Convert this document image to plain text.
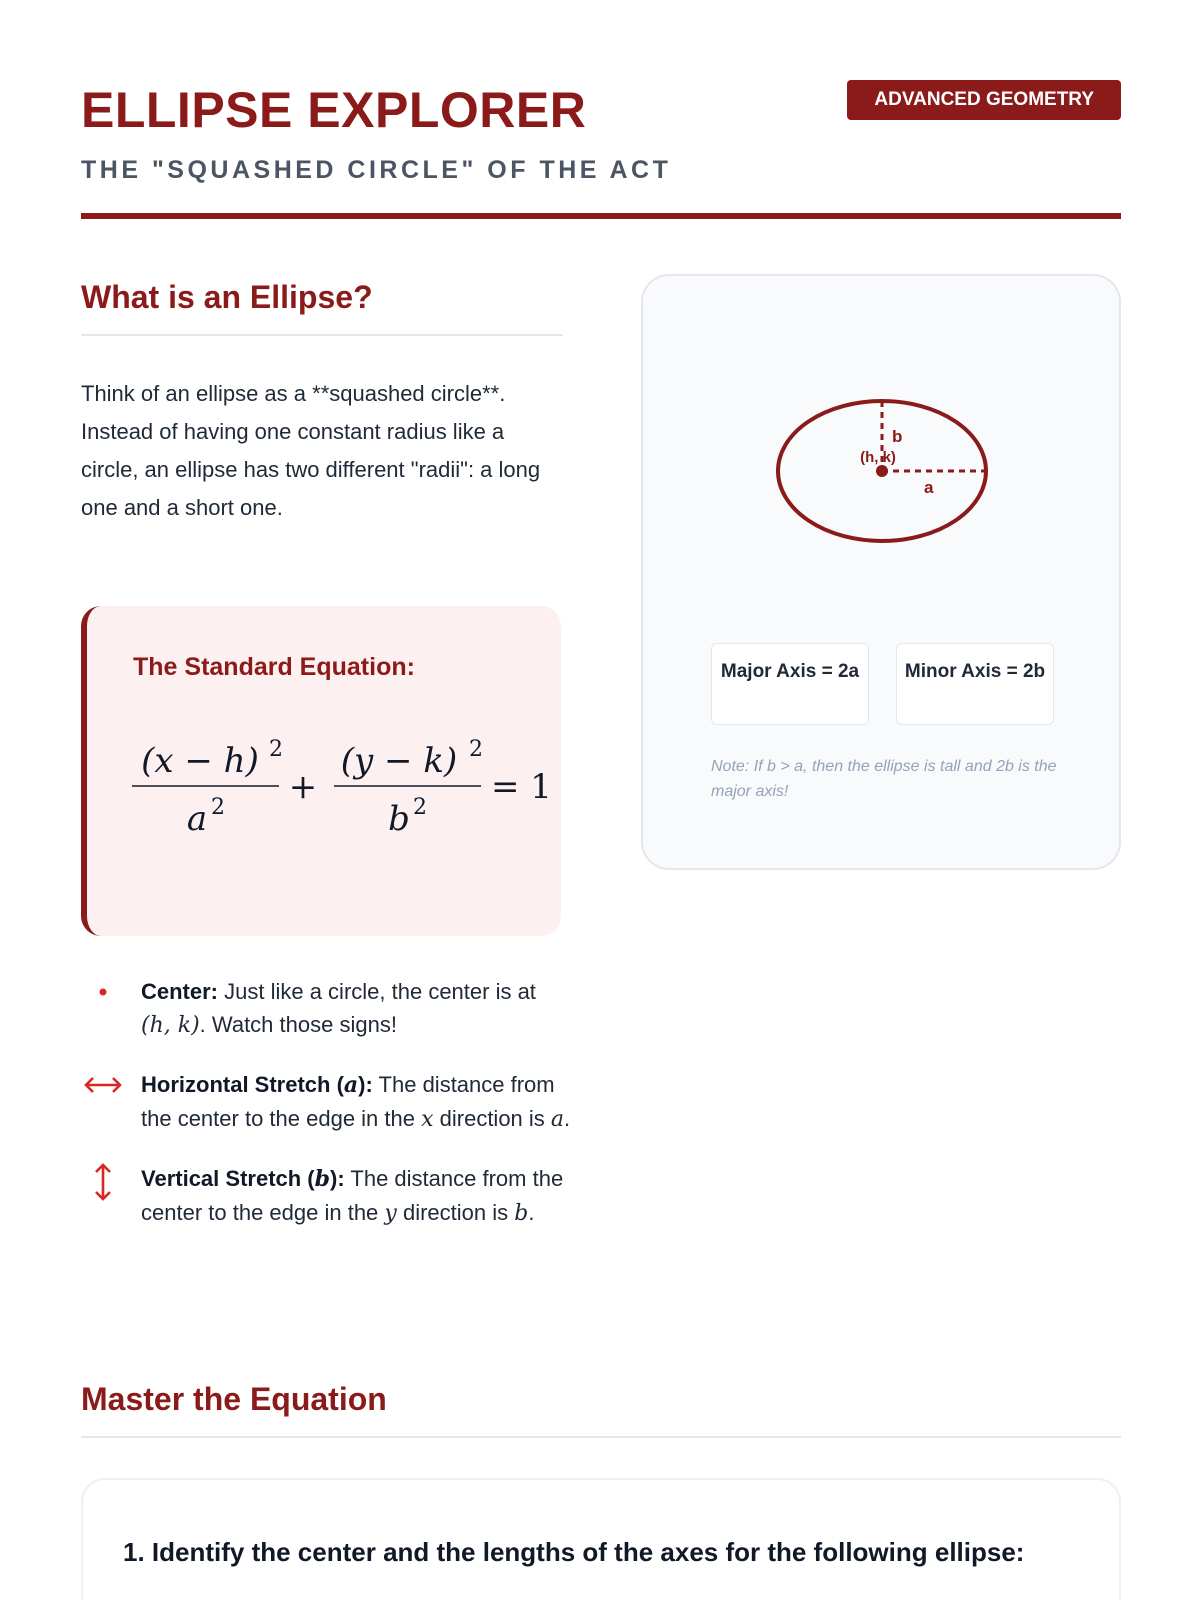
ELLIPSE EXPLORER
THE "SQUASHED CIRCLE" OF THE ACT
ADVANCED GEOMETRY
What is an Ellipse?
Think of an ellipse as a **squashed circle**. Instead of having one constant radius like a circle, an ellipse has two different "radii": a long one and a short one.
The Standard Equation:
(x − h) 2
a 2
+
(y − k) 2
b 2
= 1
Center: Just like a circle, the center is at (h, k). Watch those signs!
Horizontal Stretch (a): The distance from the center to the edge in the x direction is a.
Vertical Stretch (b): The distance from the center to the edge in the y direction is b.
(h, k)
b
a
Major Axis = 2a	Minor Axis = 2b
Note: If b > a, then the ellipse is tall and 2b is the major axis!
Master the Equation
1. Identify the center and the lengths of the axes for the following ellipse:
